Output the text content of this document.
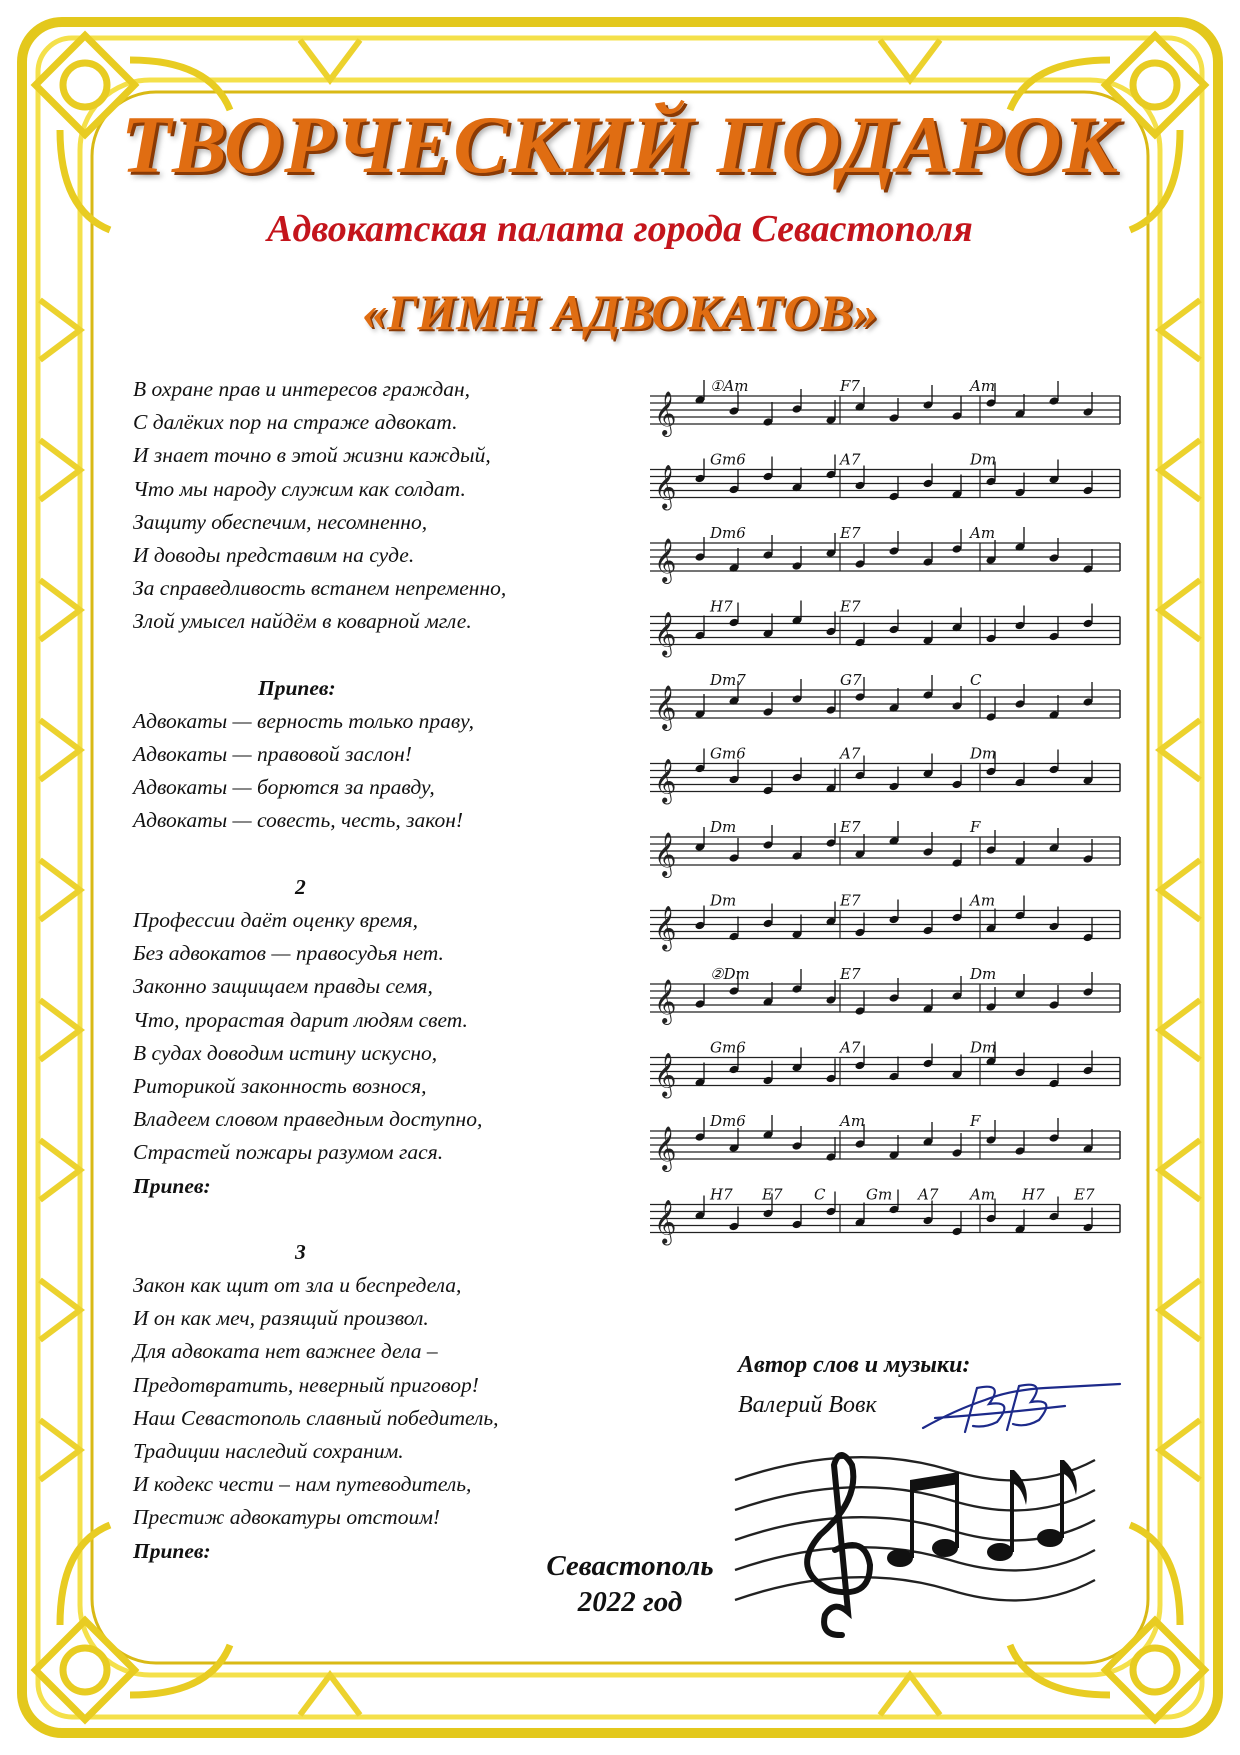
ТВОРЧЕСКИЙ ПОДАРОК
Адвокатская палата города Севастополя
«ГИМН АДВОКАТОВ»
В охране прав и интересов граждан,
С далёких пор на страже адвокат.
И знает точно в этой жизни каждый,
Что мы народу служим как солдат.
Защиту обеспечим, несомненно,
И доводы представим на суде.
За справедливость встанем непременно,
Злой умысел найдём в коварной мгле.
Припев:
Адвокаты — верность только праву,
Адвокаты — правовой заслон!
Адвокаты — борются за правду,
Адвокаты — совесть, честь, закон!
2
Профессии даёт оценку время,
Без адвокатов — правосудья нет.
Законно защищаем правды семя,
Что, прорастая дарит людям свет.
В судах доводим истину искусно,
Риторикой законность вознося,
Владеем словом праведным доступно,
Страстей пожары разумом гася.
Припев:
3
Закон как щит от зла и беспредела,
И он как меч, разящий произвол.
Для адвоката нет важнее дела –
Предотвратить, неверный приговор!
Наш Севастополь славный победитель,
Традиции наследий сохраним.
И кодекс чести – нам путеводитель,
Престиж адвокатуры отстоим!
Припев:
𝄞
①Am	F7	Am
𝄞
Gm6	A7	Dm
𝄞
Dm6	E7	Am
𝄞
H7	E7
𝄞
Dm7	G7	C
𝄞
Gm6	A7	Dm
𝄞
Dm	E7	F
𝄞
Dm	E7	Am
𝄞
②Dm	E7	Dm
𝄞
Gm6	A7	Dm
𝄞
Dm6	Am	F
𝄞
H7 E7 C	Gm A7 Am H7 E7
Автор слов и музыки:
Валерий Вовк
Севастополь
2022 год
